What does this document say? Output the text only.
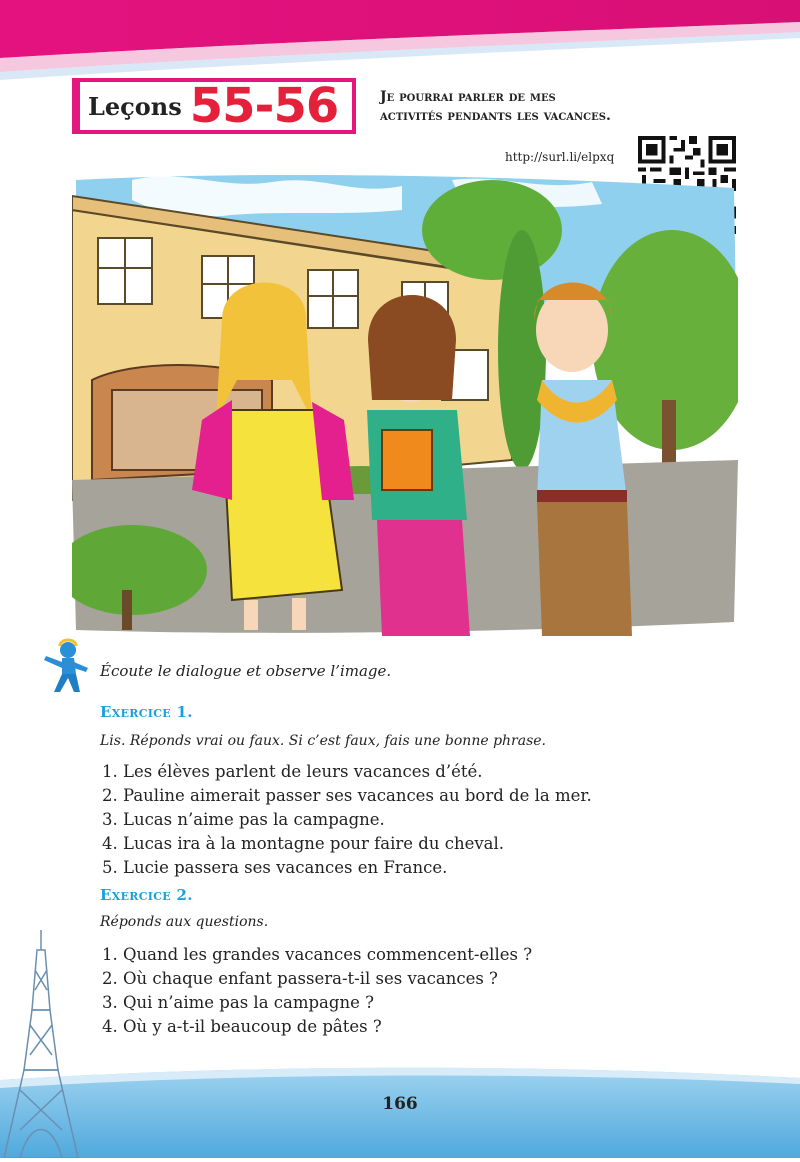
Leçons 55-56	Je pourrai parler de mes
activités pendants les vacances.
http://surl.li/elpxq
Écoute le dialogue et observe l’image.
Exercice 1.
Lis. Réponds vrai ou faux. Si c’est faux, fais une bonne phrase.
1. Les élèves parlent de leurs vacances d’été.
2. Pauline aimerait passer ses vacances au bord de la mer.
3. Lucas n’aime pas la campagne.
4. Lucas ira à la montagne pour faire du cheval.
5. Lucie passera ses vacances en France.
Exercice 2.
Réponds aux questions.
1. Quand les grandes vacances commencent-elles ?
2. Où chaque enfant passera-t-il ses vacances ?
3. Qui n’aime pas la campagne ?
4. Où y a-t-il beaucoup de pâtes ?
166
